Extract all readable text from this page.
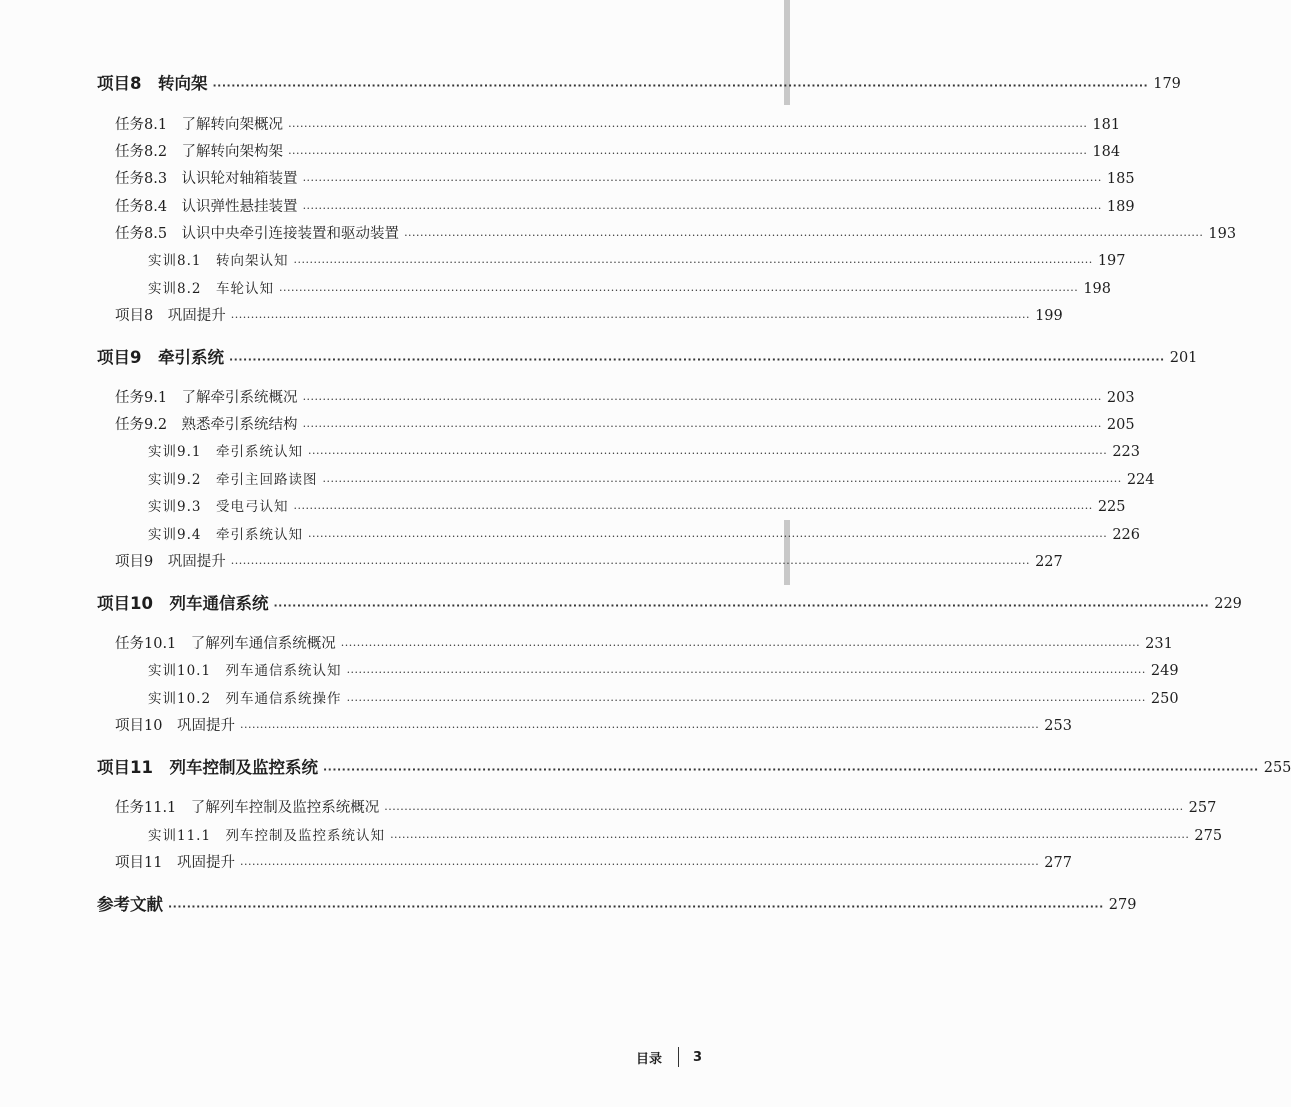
项目8　转向架 ········································································································································································································ 179
任务8.1　了解转向架概况 ········································································································································································································ 181
任务8.2　了解转向架构架 ········································································································································································································ 184
任务8.3　认识轮对轴箱装置 ········································································································································································································ 185
任务8.4　认识弹性悬挂装置 ········································································································································································································ 189
任务8.5　认识中央牵引连接装置和驱动装置 ········································································································································································································ 193
实训8.1　转向架认知 ········································································································································································································ 197
实训8.2　车轮认知 ········································································································································································································ 198
项目8　巩固提升 ········································································································································································································ 199
项目9　牵引系统 ········································································································································································································ 201
任务9.1　了解牵引系统概况 ········································································································································································································ 203
任务9.2　熟悉牵引系统结构 ········································································································································································································ 205
实训9.1　牵引系统认知 ········································································································································································································ 223
实训9.2　牵引主回路读图 ········································································································································································································ 224
实训9.3　受电弓认知 ········································································································································································································ 225
实训9.4　牵引系统认知 ········································································································································································································ 226
项目9　巩固提升 ········································································································································································································ 227
项目10　列车通信系统 ········································································································································································································ 229
任务10.1　了解列车通信系统概况 ········································································································································································································ 231
实训10.1　列车通信系统认知 ········································································································································································································ 249
实训10.2　列车通信系统操作 ········································································································································································································ 250
项目10　巩固提升 ········································································································································································································ 253
项目11　列车控制及监控系统 ········································································································································································································ 255
任务11.1　了解列车控制及监控系统概况 ········································································································································································································ 257
实训11.1　列车控制及监控系统认知 ········································································································································································································ 275
项目11　巩固提升 ········································································································································································································ 277
参考文献 ········································································································································································································ 279
目录 3
